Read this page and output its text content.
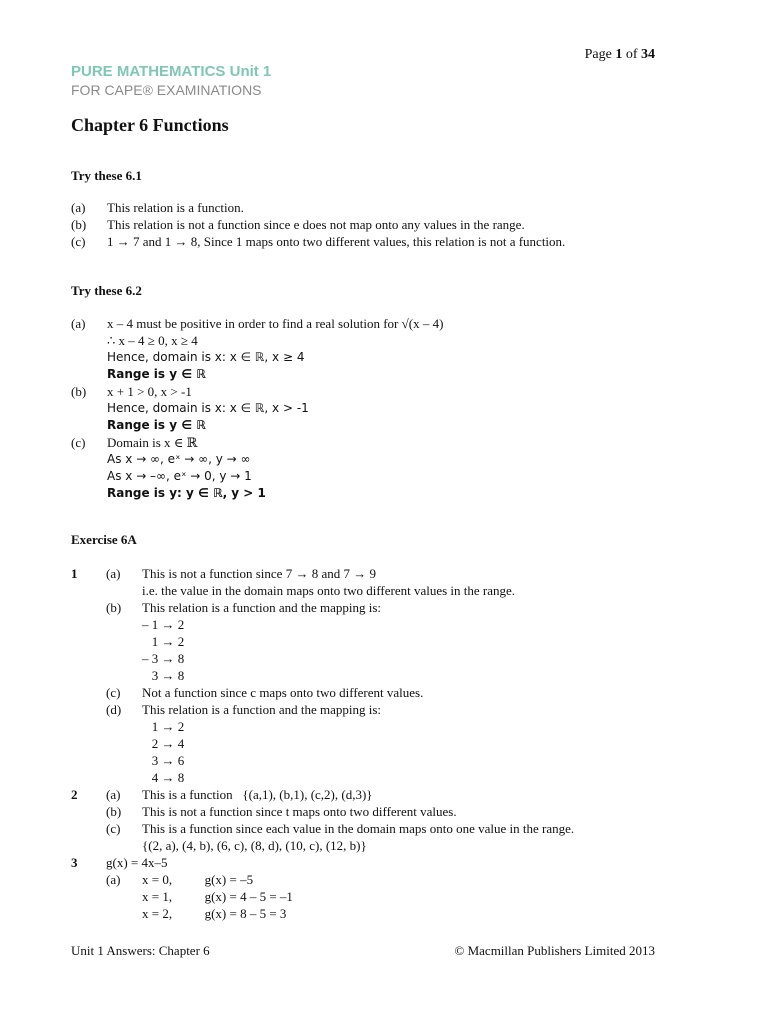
Page 1 of 34
PURE MATHEMATICS Unit 1
FOR CAPE® EXAMINATIONS
Chapter 6 Functions
Try these 6.1
(a) This relation is a function.
(b) This relation is not a function since e does not map onto any values in the range.
(c) 1 → 7 and 1 → 8, Since 1 maps onto two different values, this relation is not a function.
Try these 6.2
(a) x – 4 must be positive in order to find a real solution for √(x – 4)
∴ x – 4 ≥ 0, x ≥ 4
Hence, domain is x: x ∈ ℝ, x ≥ 4
Range is y ∈ ℝ
(b) x + 1 > 0, x > -1
Hence, domain is x: x ∈ ℝ, x > -1
Range is y ∈ ℝ
(c) Domain is x ∈ ℝ
As x → ∞, eˣ → ∞, y → ∞
As x → –∞, eˣ → 0, y → 1
Range is y: y ∈ ℝ, y > 1
Exercise 6A
1 (a) This is not a function since 7 → 8 and 7 → 9
i.e. the value in the domain maps onto two different values in the range.
(b) This relation is a function and the mapping is:
– 1 → 2
1 → 2
– 3 → 8
3 → 8
(c) Not a function since c maps onto two different values.
(d) This relation is a function and the mapping is:
1 → 2
2 → 4
3 → 6
4 → 8
2 (a) This is a function   {(a,1), (b,1), (c,2), (d,3)}
(b) This is not a function since t maps onto two different values.
(c) This is a function since each value in the domain maps onto one value in the range.
{(2, a), (4, b), (6, c), (8, d), (10, c), (12, b)}
3 g(x) = 4x–5
(a) x = 0,          g(x) = –5
x = 1,          g(x) = 4 – 5 = –1
x = 2,          g(x) = 8 – 5 = 3
Unit 1 Answers: Chapter 6	© Macmillan Publishers Limited 2013
